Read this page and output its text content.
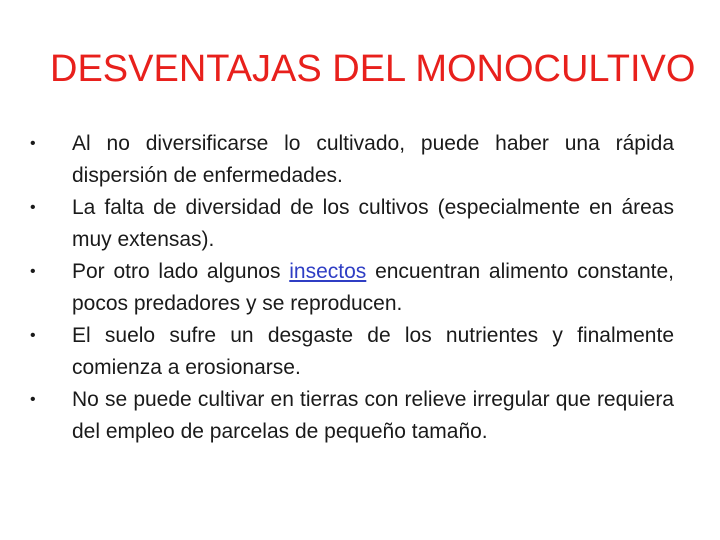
DESVENTAJAS DEL MONOCULTIVO
•	Al no diversificarse lo cultivado, puede haber una rápida dispersión de enfermedades.
•	La falta de diversidad de los cultivos (especialmente en áreas muy extensas).
•	Por otro lado algunos insectos encuentran alimento constante, pocos predadores y se reproducen.
•	El suelo sufre un desgaste de los nutrientes y finalmente comienza a erosionarse.
•	No se puede cultivar en tierras con relieve irregular que requiera del empleo de parcelas de pequeño tamaño.
